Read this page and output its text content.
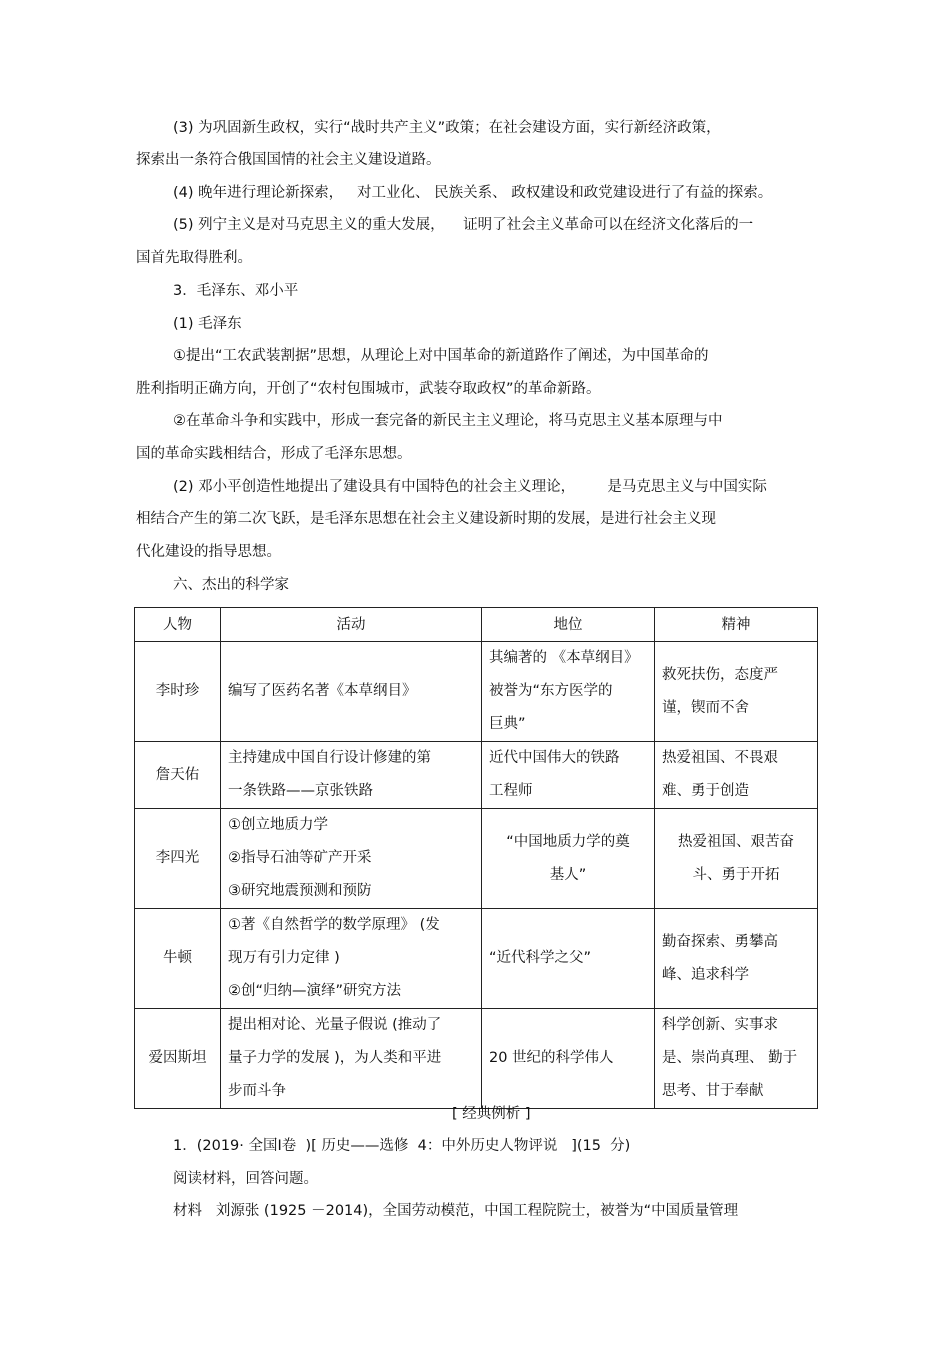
(3) 为巩固新生政权，实行“战时共产主义”政策；在社会建设方面，实行新经济政策，
探索出一条符合俄国国情的社会主义建设道路。
(4) 晚年进行理论新探索，   对工业化、 民族关系、 政权建设和政党建设进行了有益的探索。
(5) 列宁主义是对马克思主义的重大发展，    证明了社会主义革命可以在经济文化落后的一
国首先取得胜利。
3．毛泽东、邓小平
(1) 毛泽东
①提出“工农武装割据”思想，从理论上对中国革命的新道路作了阐述，为中国革命的
胜利指明正确方向，开创了“农村包围城市，武装夺取政权”的革命新路。
②在革命斗争和实践中，形成一套完备的新民主主义理论，将马克思主义基本原理与中
国的革命实践相结合，形成了毛泽东思想。
(2) 邓小平创造性地提出了建设具有中国特色的社会主义理论，       是马克思主义与中国实际
相结合产生的第二次飞跃，是毛泽东思想在社会主义建设新时期的发展，是进行社会主义现
代化建设的指导思想。
六、杰出的科学家
人物	活动	地位	精神
李时珍	编写了医药名著《本草纲目》	其编著的 《本草纲目》
被誉为“东方医学的
巨典”	救死扶伤，态度严
谨，锲而不舍

詹天佑	主持建成中国自行设计修建的第
一条铁路——京张铁路	近代中国伟大的铁路
工程师	热爱祖国、不畏艰
难、勇于创造

李四光	①创立地质力学
②指导石油等矿产开采
③研究地震预测和预防	“中国地质力学的奠
基人”	热爱祖国、艰苦奋
斗、勇于开拓

牛顿	①著《自然哲学的数学原理》 (发
现万有引力定律 )
②创“归纳—演绎”研究方法	“近代科学之父”	勤奋探索、勇攀高
峰、追求科学

爱因斯坦	提出相对论、光量子假说 (推动了
量子力学的发展 )，为人类和平进
步而斗争	20 世纪的科学伟人	科学创新、实事求
是、崇尚真理、 勤于
思考、甘于奉献
[ 经典例析 ]
1．(2019· 全国Ⅰ卷  )[ 历史——选修  4：中外历史人物评说   ](15  分)
阅读材料，回答问题。
材料   刘源张 (1925 －2014)，全国劳动模范，中国工程院院士，被誉为“中国质量管理
